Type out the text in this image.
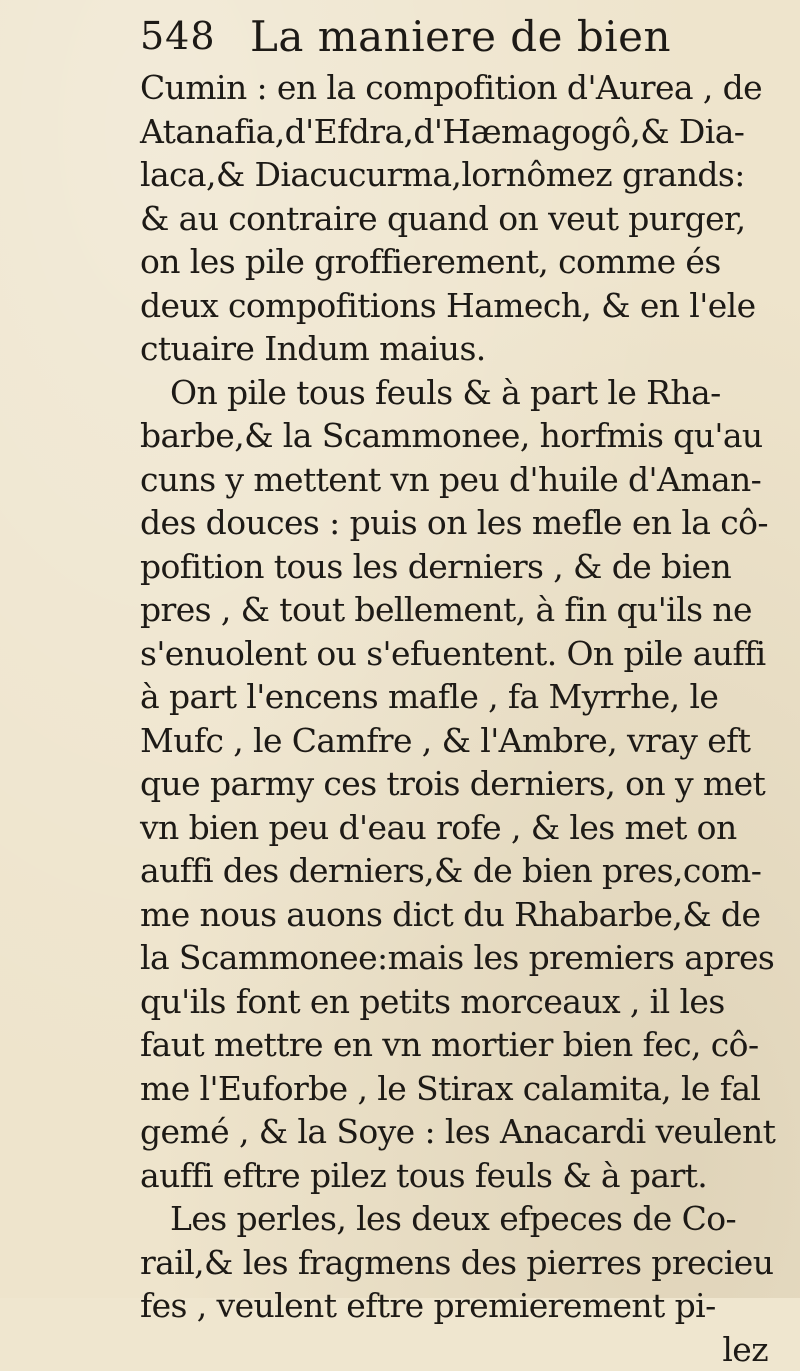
548 La maniere de bien
Cumin : en la compofition d'Aurea , de
Atanafia,d'Efdra,d'Hæmagogô,& Dia-
laca,& Diacucurma,lornômez grands:
& au contraire quand on veut purger,
on les pile groffierement, comme és
deux compofitions Hamech, & en l'ele
ctuaire Indum maius.
On pile tous feuls & à part le Rha-
barbe,& la Scammonee, horfmis qu'au
cuns y mettent vn peu d'huile d'Aman-
des douces : puis on les mefle en la cô-
pofition tous les derniers , & de bien
pres , & tout bellement, à fin qu'ils ne
s'enuolent ou s'efuentent. On pile auffi
à part l'encens mafle , fa Myrrhe, le
Mufc , le Camfre , & l'Ambre, vray eft
que parmy ces trois derniers, on y met
vn bien peu d'eau rofe , & les met on
auffi des derniers,& de bien pres,com-
me nous auons dict du Rhabarbe,& de
la Scammonee:mais les premiers apres
qu'ils font en petits morceaux , il les
faut mettre en vn mortier bien fec, cô-
me l'Euforbe , le Stirax calamita, le fal
gemé , & la Soye : les Anacardi veulent
auffi eftre pilez tous feuls & à part.
Les perles, les deux efpeces de Co-
rail,& les fragmens des pierres precieu
fes , veulent eftre premierement pi-
lez
